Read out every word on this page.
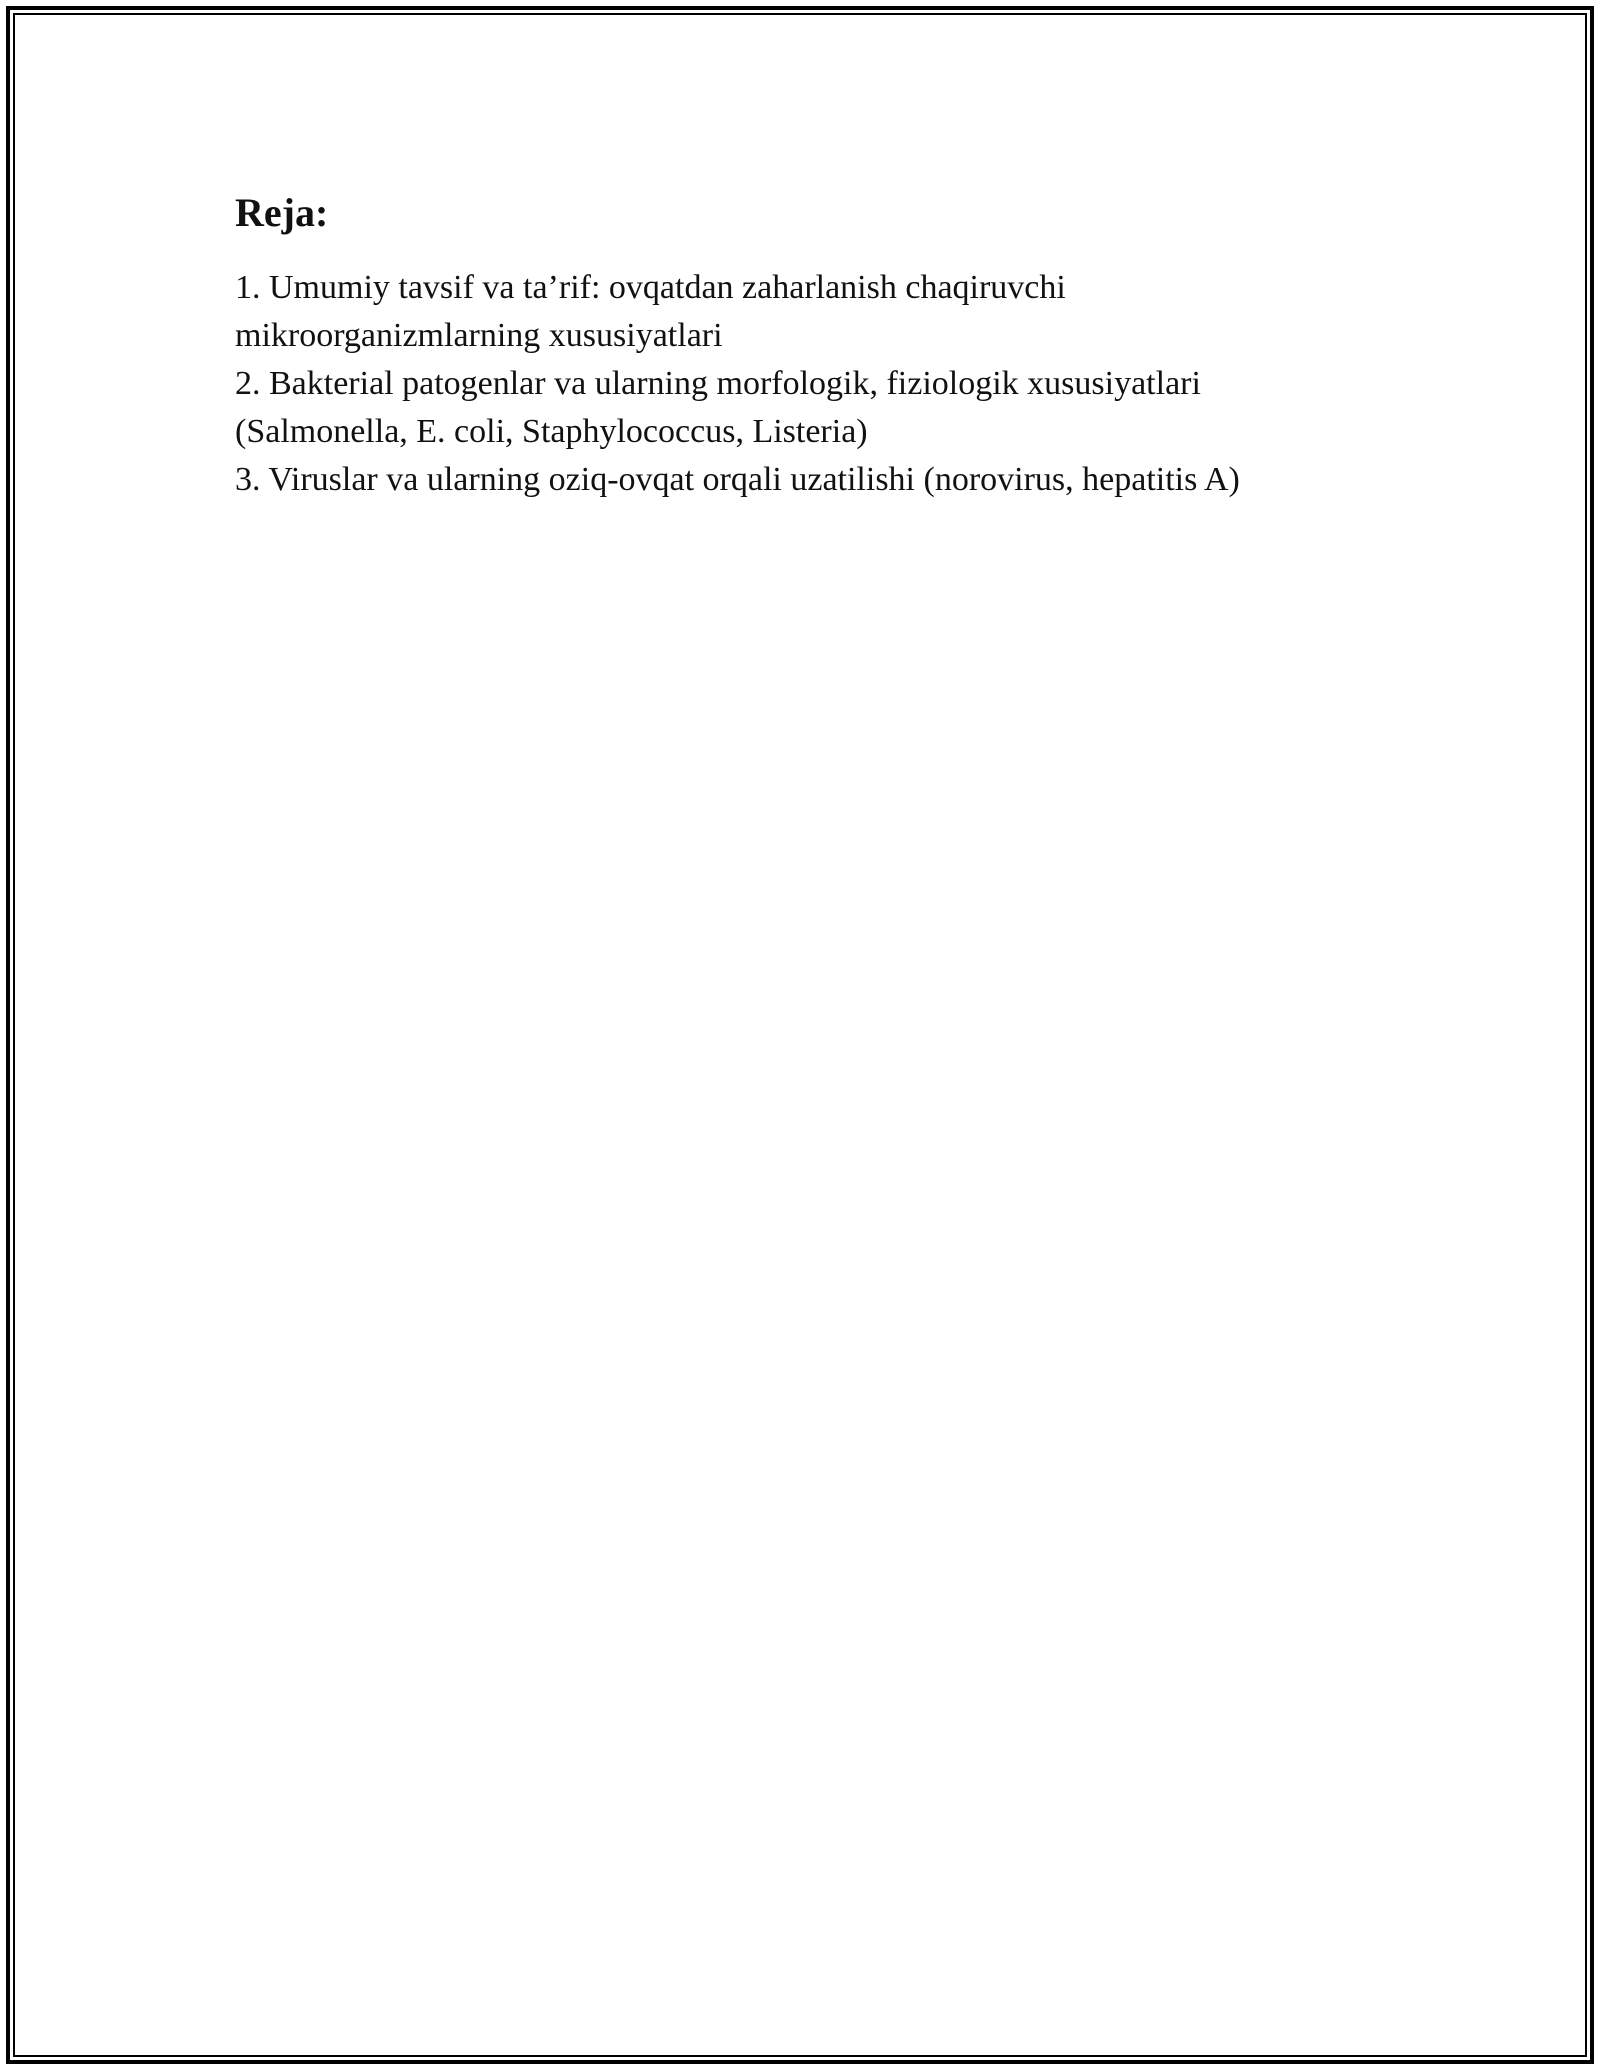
Reja:
1. Umumiy tavsif va ta’rif: ovqatdan zaharlanish chaqiruvchi
mikroorganizmlarning xususiyatlari
2. Bakterial patogenlar va ularning morfologik, fiziologik xususiyatlari
(Salmonella, E. coli, Staphylococcus, Listeria)
3. Viruslar va ularning oziq-ovqat orqali uzatilishi (norovirus, hepatitis A)
